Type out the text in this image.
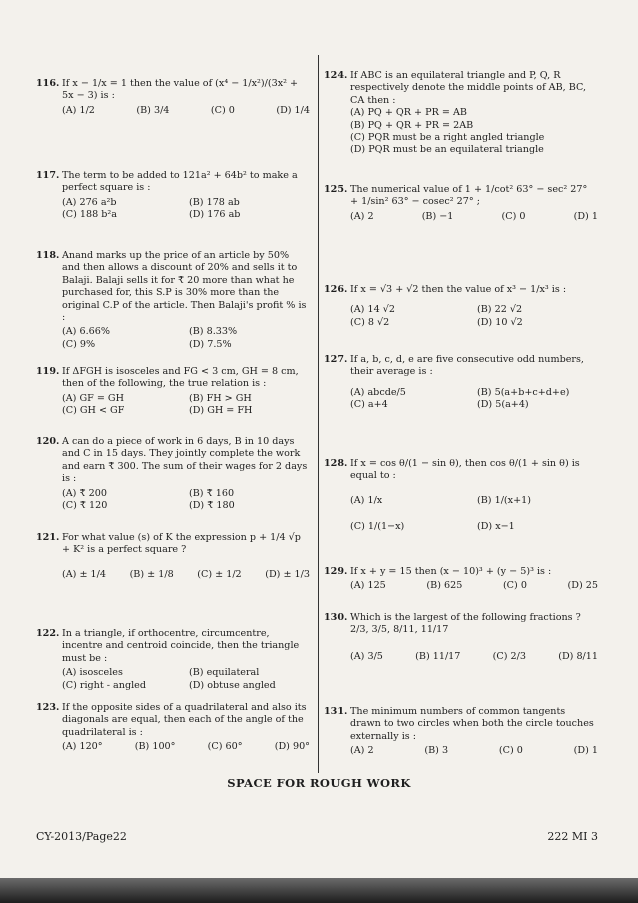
116. If x − 1/x = 1 then the value of (x⁴ − 1/x²)/(3x² + 5x − 3) is :
(A) 1/2	(B) 3/4	(C) 0	(D) 1/4
117. The term to be added to 121a² + 64b² to make a perfect square is :
(A) 276 a²b	(B) 178 ab
(C) 188 b²a	(D) 176 ab
118. Anand marks up the price of an article by 50% and then allows a discount of 20% and sells it to Balaji. Balaji sells it for ₹ 20 more than what he purchased for, this S.P is 30% more than the original C.P of the article. Then Balaji's profit % is :
(A) 6.66%	(B) 8.33%
(C) 9%	(D) 7.5%
119. If ΔFGH is isosceles and FG < 3 cm, GH = 8 cm, then of the following, the true relation is :
(A) GF = GH	(B) FH > GH
(C) GH < GF	(D) GH = FH
120. A can do a piece of work in 6 days, B in 10 days and C in 15 days. They jointly complete the work and earn ₹ 300. The sum of their wages for 2 days is :
(A) ₹ 200	(B) ₹ 160
(C) ₹ 120	(D) ₹ 180
121. For what value (s) of K the expression p + 1/4 √p + K² is a perfect square ?
(A) ± 1/4 (B) ± 1/8 (C) ± 1/2 (D) ± 1/3
122. In a triangle, if orthocentre, circumcentre, incentre and centroid coincide, then the triangle must be :
(A) isosceles	(B) equilateral
(C) right - angled	(D) obtuse angled
123. If the opposite sides of a quadrilateral and also its diagonals are equal, then each of the angle of the quadrilateral is :
(A) 120°	(B) 100°	(C) 60°	(D) 90°
124. If ABC is an equilateral triangle and P, Q, R respectively denote the middle points of AB, BC, CA then :
(A) PQ + QR + PR = AB
(B) PQ + QR + PR = 2AB
(C) PQR must be a right angled triangle
(D) PQR must be an equilateral triangle
125. The numerical value of 1 + 1/cot² 63° − sec² 27° + 1/sin² 63° − cosec² 27° ;
(A) 2	(B) −1	(C) 0	(D) 1
126. If x = √3 + √2 then the value of x³ − 1/x³ is :
(A) 14 √2	(B) 22 √2
(C) 8 √2	(D) 10 √2
127. If a, b, c, d, e are five consecutive odd numbers, their average is :
(A) abcde/5	(B) 5(a+b+c+d+e)
(C) a+4	(D) 5(a+4)
128. If x = cos θ/(1 − sin θ), then cos θ/(1 + sin θ) is equal to :
(A) 1/x	(B) 1/(x+1)
(C) 1/(1−x)	(D) x−1
129. If x + y = 15 then (x − 10)³ + (y − 5)³ is :
(A) 125	(B) 625	(C) 0	(D) 25
130. Which is the largest of the following fractions ? 2/3, 3/5, 8/11, 11/17
(A) 3/5	(B) 11/17	(C) 2/3	(D) 8/11
131. The minimum numbers of common tangents drawn to two circles when both the circle touches externally is :
(A) 2	(B) 3	(C) 0	(D) 1
SPACE FOR ROUGH WORK
CY-2013/Page22	222 MI 3
